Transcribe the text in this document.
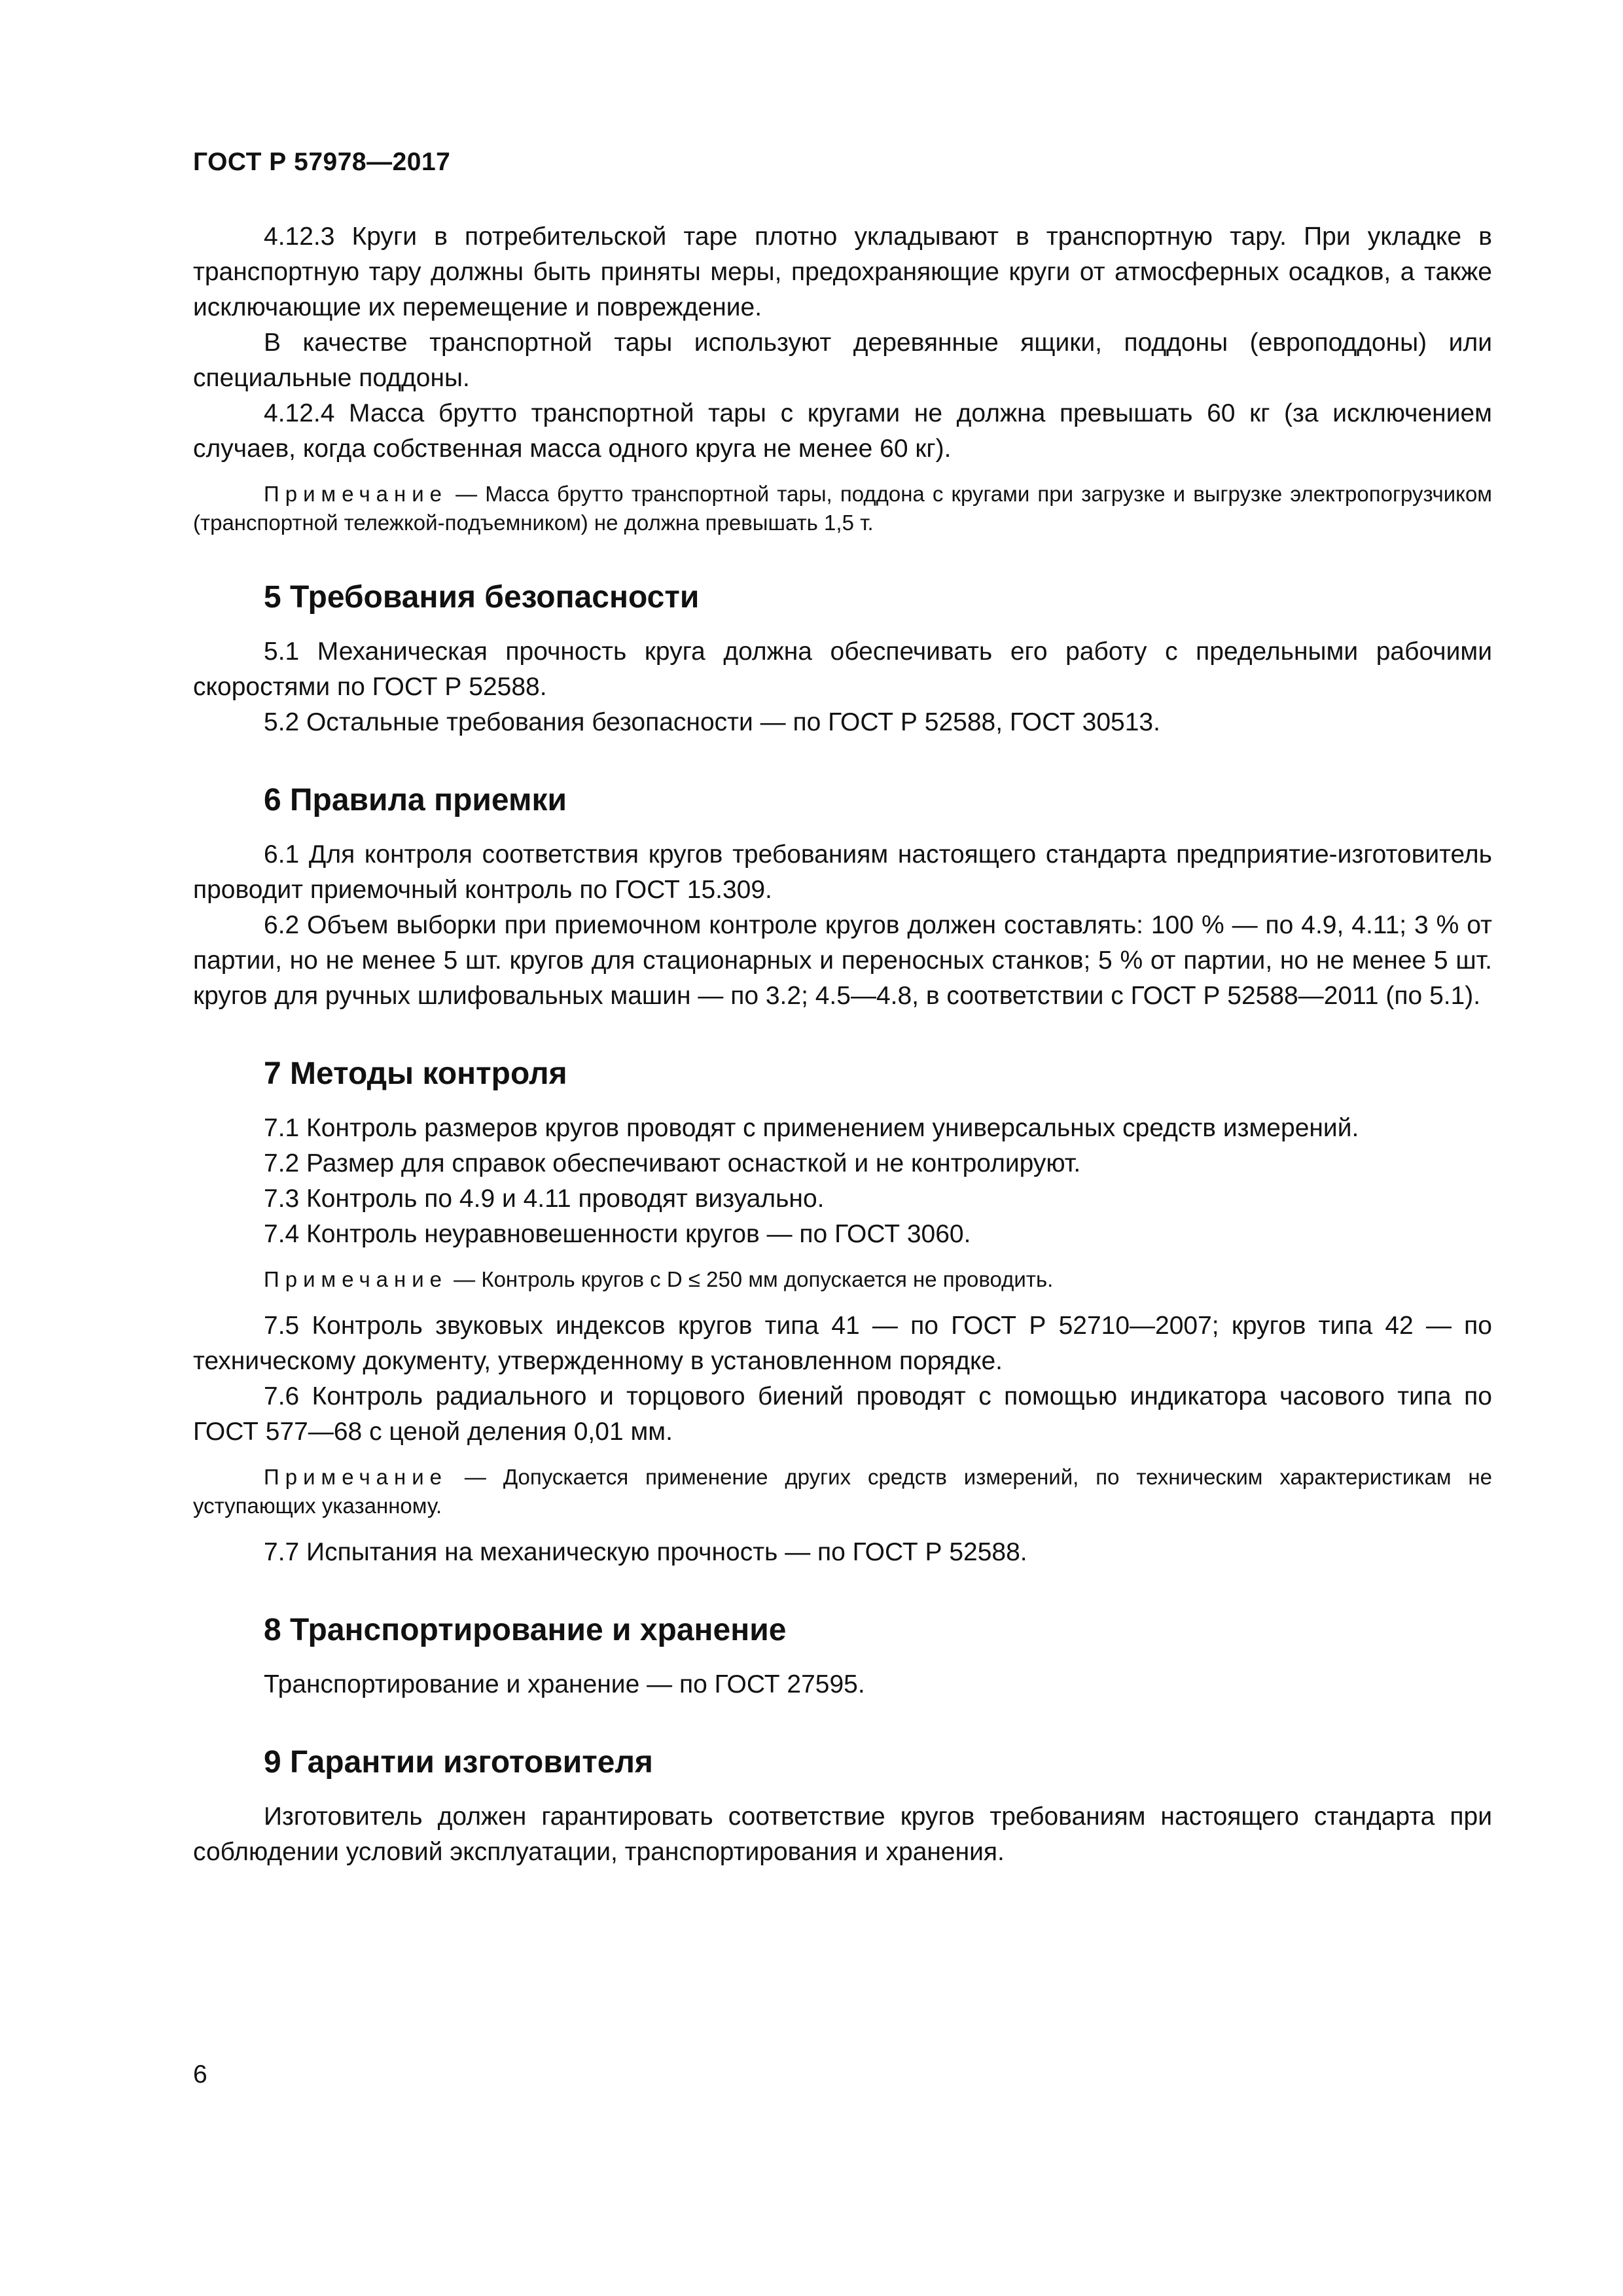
ГОСТ Р 57978—2017

4.12.3 Круги в потребительской таре плотно укладывают в транспортную тару. При укладке в транспортную тару должны быть приняты меры, предохраняющие круги от атмосферных осадков, а также исключающие их перемещение и повреждение.

В качестве транспортной тары используют деревянные ящики, поддоны (европоддоны) или специальные поддоны.

4.12.4 Масса брутто транспортной тары с кругами не должна превышать 60 кг (за исключением случаев, когда собственная масса одного круга не менее 60 кг).

Примечание — Масса брутто транспортной тары, поддона с кругами при загрузке и выгрузке электропогрузчиком (транспортной тележкой-подъемником) не должна превышать 1,5 т.
5 Требования безопасности

5.1 Механическая прочность круга должна обеспечивать его работу с предельными рабочими скоростями по ГОСТ Р 52588.

5.2 Остальные требования безопасности — по ГОСТ Р 52588, ГОСТ 30513.

6 Правила приемки

6.1 Для контроля соответствия кругов требованиям настоящего стандарта предприятие-изготовитель проводит приемочный контроль по ГОСТ 15.309.

6.2 Объем выборки при приемочном контроле кругов должен составлять: 100 % — по 4.9, 4.11; 3 % от партии, но не менее 5 шт. кругов для стационарных и переносных станков; 5 % от партии, но не менее 5 шт. кругов для ручных шлифовальных машин — по 3.2; 4.5—4.8, в соответствии с ГОСТ Р 52588—2011 (по 5.1).

7 Методы контроля

7.1 Контроль размеров кругов проводят с применением универсальных средств измерений.

7.2 Размер для справок обеспечивают оснасткой и не контролируют.

7.3 Контроль по 4.9 и 4.11 проводят визуально.

7.4 Контроль неуравновешенности кругов — по ГОСТ 3060.

Примечание — Контроль кругов с D ≤ 250 мм допускается не проводить.

7.5 Контроль звуковых индексов кругов типа 41 — по ГОСТ Р 52710—2007; кругов типа 42 — по техническому документу, утвержденному в установленном порядке.

7.6 Контроль радиального и торцового биений проводят с помощью индикатора часового типа по ГОСТ 577—68 с ценой деления 0,01 мм.

Примечание — Допускается применение других средств измерений, по техническим характеристикам не уступающих указанному.

7.7 Испытания на механическую прочность — по ГОСТ Р 52588.

8 Транспортирование и хранение

Транспортирование и хранение — по ГОСТ 27595.

9 Гарантии изготовителя

Изготовитель должен гарантировать соответствие кругов требованиям настоящего стандарта при соблюдении условий эксплуатации, транспортирования и хранения.

6
